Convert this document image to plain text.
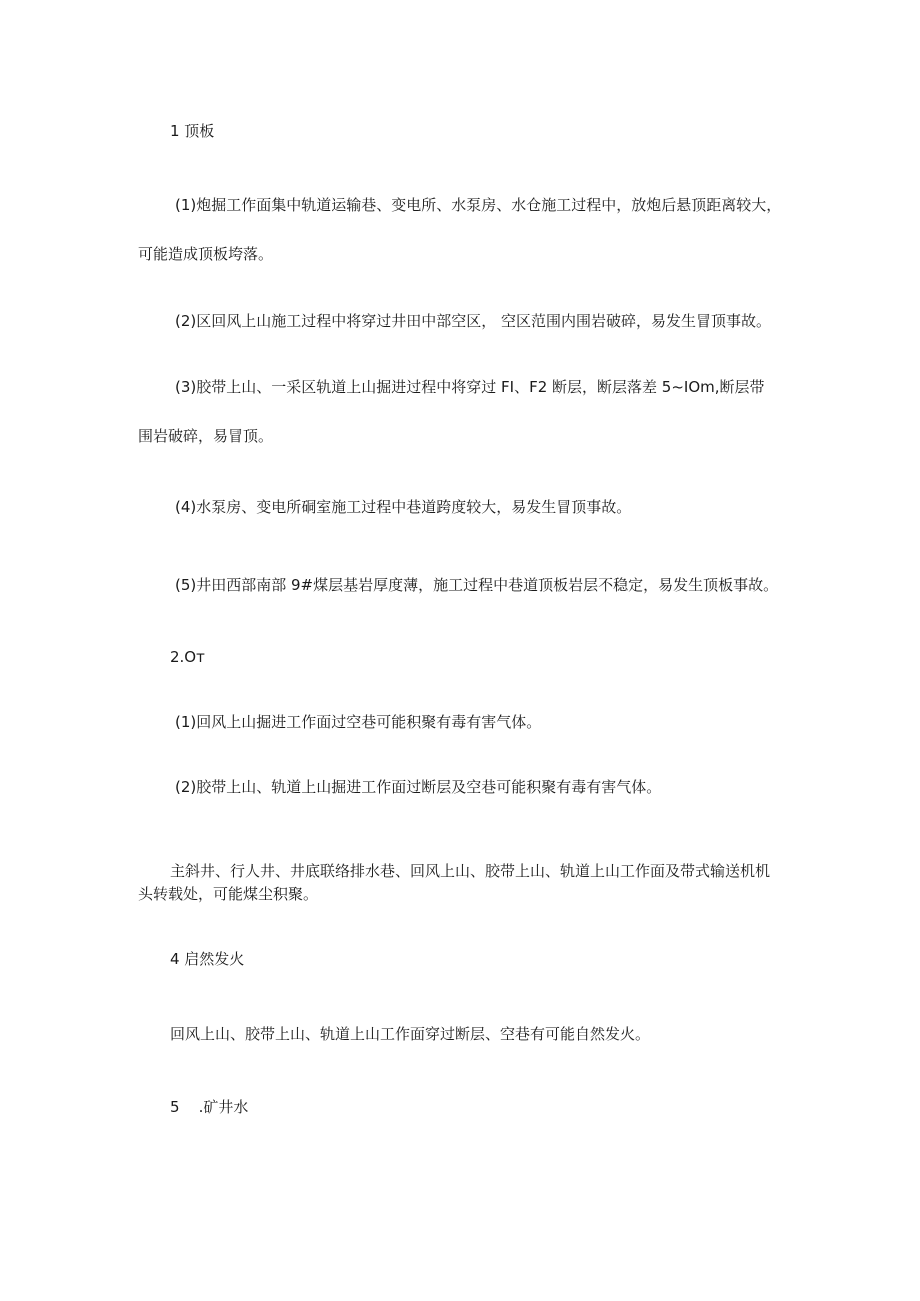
1 顶板
(1)炮掘工作面集中轨道运输巷、变电所、水泵房、水仓施工过程中，放炮后悬顶距离较大，
可能造成顶板垮落。
(2)区回风上山施工过程中将穿过井田中部空区， 空区范围内围岩破碎，易发生冒顶事故。
(3)胶带上山、一采区轨道上山掘进过程中将穿过 FI、F2 断层，断层落差 5~IOm,断层带
围岩破碎，易冒顶。
(4)水泵房、变电所硐室施工过程中巷道跨度较大，易发生冒顶事故。
(5)井田西部南部 9#煤层基岩厚度薄，施工过程中巷道顶板岩层不稳定，易发生顶板事故。
2.Oт
(1)回风上山掘进工作面过空巷可能积聚有毒有害气体。
(2)胶带上山、轨道上山掘进工作面过断层及空巷可能积聚有毒有害气体。
主斜井、行人井、井底联络排水巷、回风上山、胶带上山、轨道上山工作面及带式输送机机
头转载处，可能煤尘积聚。
4 启然发火
回风上山、胶带上山、轨道上山工作面穿过断层、空巷有可能自然发火。
5    .矿井水
